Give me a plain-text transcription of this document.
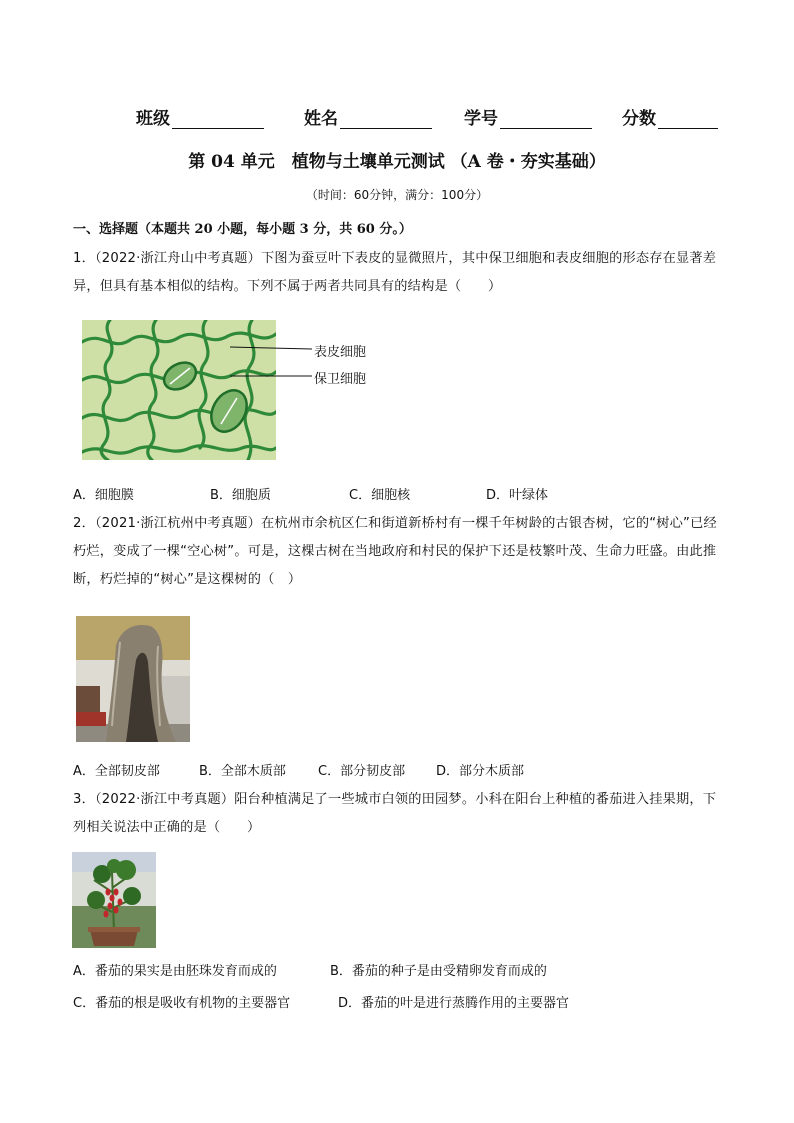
班级	姓名	学号	分数
第 04 单元　植物与土壤单元测试 （A 卷・夯实基础）
（时间：60分钟，满分：100分）
一、选择题（本题共 20 小题，每小题 3 分，共 60 分。）
1．（2022·浙江舟山中考真题）下图为蚕豆叶下表皮的显微照片，其中保卫细胞和表皮细胞的形态存在显著差异，但具有基本相似的结构。下列不属于两者共同具有的结构是（　　）
表皮细胞
保卫细胞
A．细胞膜	B．细胞质	C．细胞核	D．叶绿体
2．（2021·浙江杭州中考真题）在杭州市余杭区仁和街道新桥村有一棵千年树龄的古银杏树，它的“树心”已经朽烂，变成了一棵“空心树”。可是，这棵古树在当地政府和村民的保护下还是枝繁叶茂、生命力旺盛。由此推断，朽烂掉的“树心”是这棵树的（　）
A．全部韧皮部	B．全部木质部 C．部分韧皮部 D．部分木质部
3．（2022·浙江中考真题）阳台种植满足了一些城市白领的田园梦。小科在阳台上种植的番茄进入挂果期，下列相关说法中正确的是（　　）
A．番茄的果实是由胚珠发育而成的	B．番茄的种子是由受精卵发育而成的
C．番茄的根是吸收有机物的主要器官	D．番茄的叶是进行蒸腾作用的主要器官
